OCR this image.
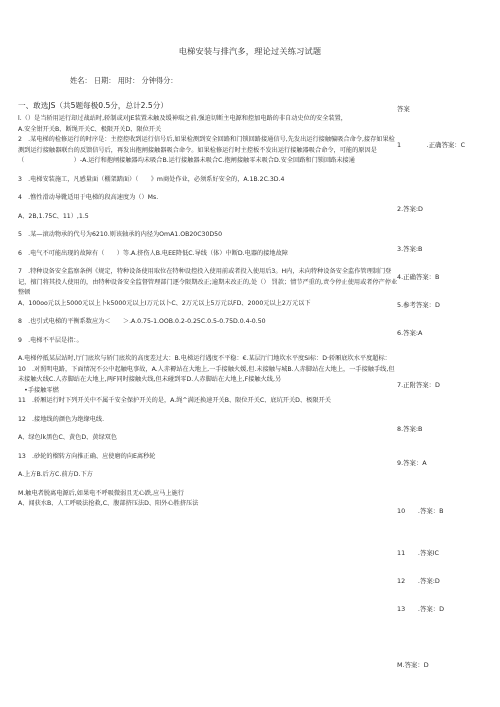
电梯安装与排汽多，理论过关练习试题
姓名： 日期： 用时： 分钟得分：
一、敢选JS（共5题每极0.5分，总计2.5分）

l.（）是当轿用运行却过战站时,轿制或对JE装置未触及缓神瑞之前,强迫切断主电源和控加电路的非自动史位的安全装置，

A.安全钳开关B、断绳开关C、极限开关D、限位开关

2　.某电梯的检修运行的时序是：主控控收到运行信号后,如果检测到安全回路和门锁回路接通信号,先发出运行接触骗吸合命令,接存如果检测到运行接触器联台的反馈信号后，再发出抱闸接触器吸合命令。如果检修运行时主控板不发出运行接触器吸合命令，可能的原因是（　　　　　　　　）-A.运行和抱闸接触器均未吸合B.运行接触器未吸合C.抱闸接触零未吸合D.安全回路和门锁回路未接通

3　.电梯安装施工，凡感量面（棚架踏面）（　　》m商处作业，必须系好安全的，A.1B.2C.3D.4

4　.憔性滑动导靴适用于电梯的段高速度为（）Ms.

A、2B,1.75C、11）,1.5

5　.某—滚动物承的代号为6210.则该轴承的内径为OmA1.OB20C30D50

6　.电气不可能出现的故障有（　　）等.A.挤伤人B.电EE降低C.导线（体）中断D.电器的接地故障

7　.特种设备安全监察条例《规定，特种设备使用取位在特种设控投入使用前或者投入使用后3。H内，未向特种设备安全监作管理制门登记，擅门将其投人使用的，由特种设备安全监督管理部门逐令限期改正;逾期未改正的,处（） 罚款；情节严重的,责令停止使用或者停产停业整顿

A、100oo元以上5000元以上卜k5000元以上I万元以卜C、2万元以上5万元以FD、2000元以上2万元以下

8　.也引式电梯的平衡系数应为＜　　＞.A.0.75-1.OOB.0.2-0.25C.0.5-0.75D.0.4-0.50

9　.电梯不平层是指：。

A.电梯停抵某层站时,厅门底坎与轿门底坎的高度差过大：B.电梯运行遇度不平稳：€.某层厅门地坎水平度Si标：D·轿厢底坎水平度超标：

10　.对照明电路，下面情况不公中起触电事故，A.人赤褥站在大地上,一手接触火媛,但.未接触与城B.人赤脚站在大地上，一手接触手线,但未接触火线C.人赤脚站在大地上,两F同时接触火线,但未碰到零D.人赤脚站在大地上,F接触火线,另

　•手接触零燃

11　.轿厢运行时下列开关中不属千安全保护开关的是，A.绳^满还换速开关B、限位开关C、底坑开关D、极限开关

12　.接地线的颜色为绝缘电线.

A、绿色lk黑色C、黄色D、黄绿双色

13　.砂轮的榴转方向推正确、应使磨的向E离秒轮

A.上方B.后方C.前方D.下方

M.触电者脱离电源后,如果电不呼吸微弱且无心跌,应马上施行

A、闻获水B、人工呼吸法抢救,C、腹部挤压法D、阳外心胜挤压法

答案
1　　　　.正确答案：C
2.答案:D
3.答案:B
4.正确答案：B
5.参考答案：D
6.答案:A
7.正附答案：D
8.答案:B
9.答案：A
10　　.答案：B
11　　.答案lC
12　　.答案:D
13　　.答案：D
M.答案：D
